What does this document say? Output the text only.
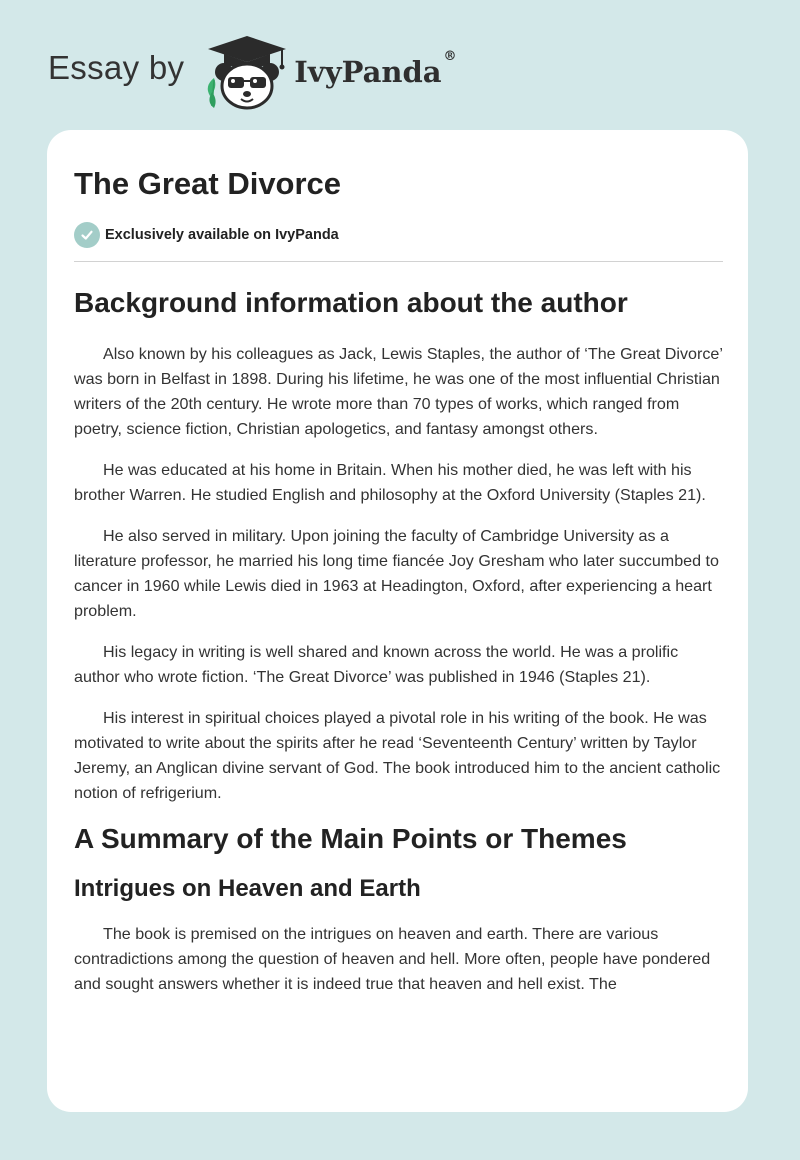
Essay by	IvyPanda ®
The Great Divorce
Exclusively available on IvyPanda
Background information about the author

Also known by his colleagues as Jack, Lewis Staples, the author of ‘The Great Divorce’ was born in Belfast in 1898. During his lifetime, he was one of the most influential Christian writers of the 20th century. He wrote more than 70 types of works, which ranged from poetry, science fiction, Christian apologetics, and fantasy amongst others.

He was educated at his home in Britain. When his mother died, he was left with his brother Warren. He studied English and philosophy at the Oxford University (Staples 21).

He also served in military. Upon joining the faculty of Cambridge University as a literature professor, he married his long time fiancée Joy Gresham who later succumbed to cancer in 1960 while Lewis died in 1963 at Headington, Oxford, after experiencing a heart problem.

His legacy in writing is well shared and known across the world. He was a prolific author who wrote fiction. ‘The Great Divorce’ was published in 1946 (Staples 21).

His interest in spiritual choices played a pivotal role in his writing of the book. He was motivated to write about the spirits after he read ‘Seventeenth Century’ written by Taylor Jeremy, an Anglican divine servant of God. The book introduced him to the ancient catholic notion of refrigerium.

A Summary of the Main Points or Themes
Intrigues on Heaven and Earth

The book is premised on the intrigues on heaven and earth. There are various contradictions among the question of heaven and hell. More often, people have pondered and sought answers whether it is indeed true that heaven and hell exist. The
